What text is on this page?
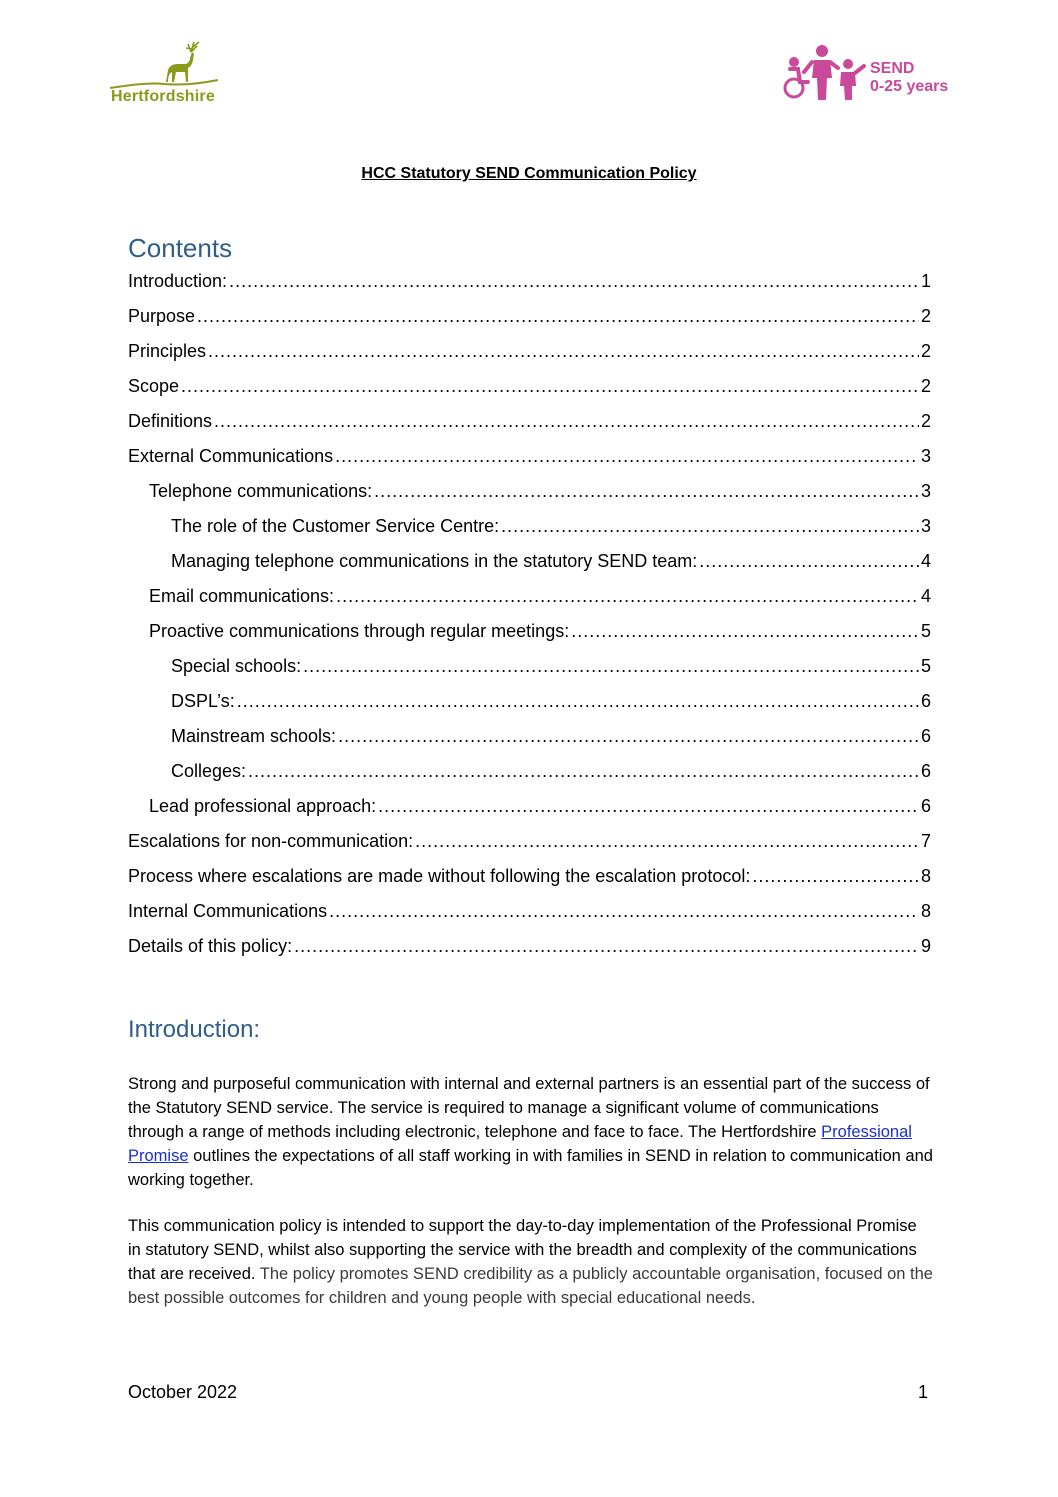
Hertfordshire
SEND
0-25 years
HCC Statutory SEND Communication Policy
Contents
Introduction: .....	1
Purpose .....	2
Principles .....	2
Scope .....	2
Definitions .....	2
External Communications .....	3
Telephone communications: .....	3
The role of the Customer Service Centre: .....	3
Managing telephone communications in the statutory SEND team: .....	4
Email communications: .....	4
Proactive communications through regular meetings: .....	5
Special schools: .....	5
DSPL’s: .....	6
Mainstream schools: .....	6
Colleges: .....	6
Lead professional approach: .....	6
Escalations for non-communication: .....	7
Process where escalations are made without following the escalation protocol: .....	8
Internal Communications .....	8
Details of this policy: .....	9
Introduction:

Strong and purposeful communication with internal and external partners is an essential part of the success of the Statutory SEND service. The service is required to manage a significant volume of communications through a range of methods including electronic, telephone and face to face. The Hertfordshire Professional Promise outlines the expectations of all staff working in with families in SEND in relation to communication and working together.

This communication policy is intended to support the day-to-day implementation of the Professional Promise in statutory SEND, whilst also supporting the service with the breadth and complexity of the communications that are received. The policy promotes SEND credibility as a publicly accountable organisation, focused on the best possible outcomes for children and young people with special educational needs.

October 2022	1
